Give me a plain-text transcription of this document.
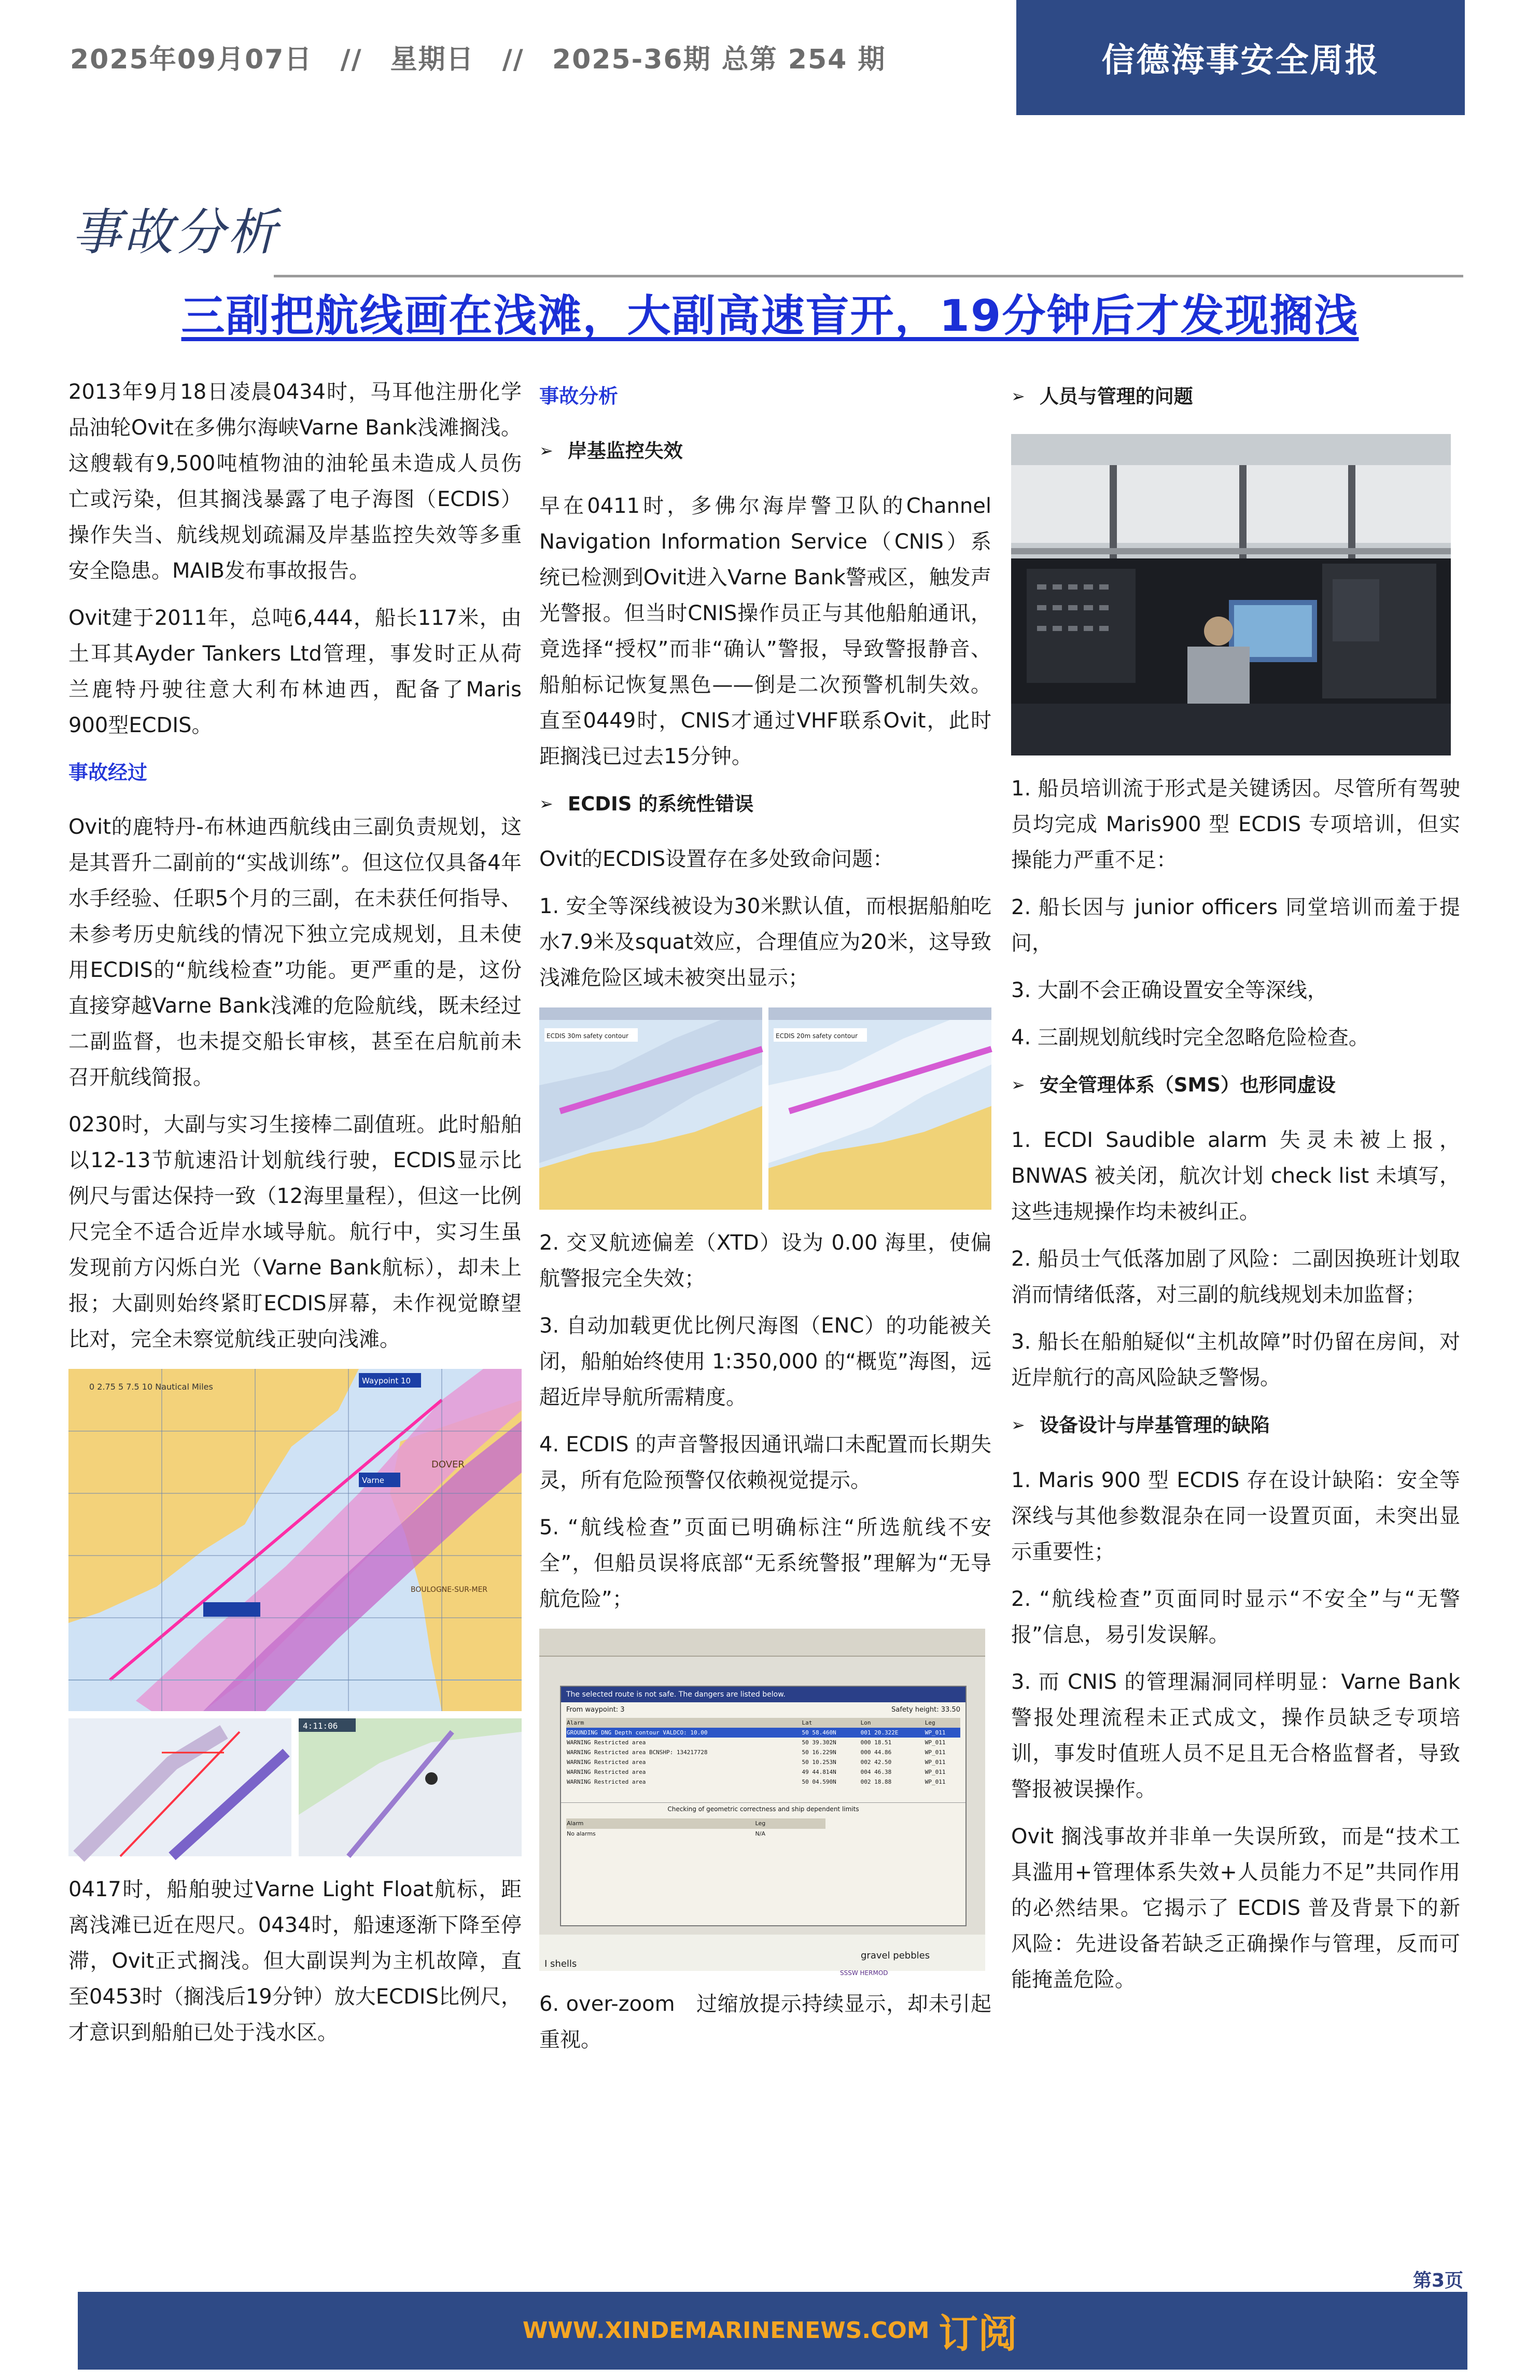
2025年09月07日 // 星期日 // 2025-36期 总第 254 期	信德海事安全周报
事故分析
三副把航线画在浅滩，大副高速盲开，19分钟后才发现搁浅

2013年9月18日凌晨0434时，马耳他注册化学品油轮Ovit在多佛尔海峡Varne Bank浅滩搁浅。这艘载有9,500吨植物油的油轮虽未造成人员伤亡或污染，但其搁浅暴露了电子海图（ECDIS）操作失当、航线规划疏漏及岸基监控失效等多重安全隐患。MAIB发布事故报告。

Ovit建于2011年，总吨6,444，船长117米，由土耳其Ayder Tankers Ltd管理，事发时正从荷兰鹿特丹驶往意大利布林迪西，配备了Maris 900型ECDIS。

事故经过

Ovit的鹿特丹-布林迪西航线由三副负责规划，这是其晋升二副前的“实战训练”。但这位仅具备4年水手经验、任职5个月的三副，在未获任何指导、未参考历史航线的情况下独立完成规划，且未使用ECDIS的“航线检查”功能。更严重的是，这份直接穿越Varne Bank浅滩的危险航线，既未经过二副监督，也未提交船长审核，甚至在启航前未召开航线简报。

0230时，大副与实习生接棒二副值班。此时船舶以12-13节航速沿计划航线行驶，ECDIS显示比例尺与雷达保持一致（12海里量程），但这一比例尺完全不适合近岸水域导航。航行中，实习生虽发现前方闪烁白光（Varne Bank航标），却未上报；大副则始终紧盯ECDIS屏幕，未作视觉瞭望比对，完全未察觉航线正驶向浅滩。

Waypoint 10
Varne
DOVER
BOULOGNE-SUR-MER
0 2.75 5 7.5 10 Nautical Miles
4:11:06

0417时，船舶驶过Varne Light Float航标，距离浅滩已近在咫尺。0434时，船速逐渐下降至停滞，Ovit正式搁浅。但大副误判为主机故障，直至0453时（搁浅后19分钟）放大ECDIS比例尺，才意识到船舶已处于浅水区。

事故分析
➢ 岸基监控失效

早在0411时，多佛尔海岸警卫队的Channel Navigation Information Service（CNIS）系统已检测到Ovit进入Varne Bank警戒区，触发声光警报。但当时CNIS操作员正与其他船舶通讯，竟选择“授权”而非“确认”警报，导致警报静音、船舶标记恢复黑色——倒是二次预警机制失效。直至0449时，CNIS才通过VHF联系Ovit，此时距搁浅已过去15分钟。

➢ ECDIS 的系统性错误

Ovit的ECDIS设置存在多处致命问题：

1. 安全等深线被设为30米默认值，而根据船舶吃水7.9米及squat效应，合理值应为20米，这导致浅滩危险区域未被突出显示；

ECDIS 30m safety contour	ECDIS 20m safety contour

2. 交叉航迹偏差（XTD）设为 0.00 海里，使偏航警报完全失效；

3. 自动加载更优比例尺海图（ENC）的功能被关闭，船舶始终使用 1:350,000 的“概览”海图，远超近岸导航所需精度。

4. ECDIS 的声音警报因通讯端口未配置而长期失灵，所有危险预警仅依赖视觉提示。

5. “航线检查”页面已明确标注“所选航线不安全”，但船员误将底部“无系统警报”理解为“无导航危险”；

The selected route is not safe. The dangers are listed below.
From waypoint: 3	Safety height: 33.50
Alarm	Lat	Lon	Leg
GROUNDING DNG Depth contour VALDCO: 10.00	50 58.460N	001 20.322E	WP_011
WARNING Restricted area	50 39.302N	000 18.51	WP_011
WARNING Restricted area BCNSHP: 134217728	50 16.229N	000 44.86	WP_011
WARNING Restricted area	50 10.253N	002 42.50	WP_011
WARNING Restricted area	49 44.814N	004 46.38	WP_011
WARNING Restricted area	50 04.590N	002 18.88	WP_011
Checking of geometric correctness and ship dependent limits
Alarm	Leg
No alarms	N/A
I shells
SSSW HERMOD
gravel pebbles

6. over-zoom　过缩放提示持续显示，却未引起重视。

➢ 人员与管理的问题

1. 船员培训流于形式是关键诱因。尽管所有驾驶员均完成 Maris900 型 ECDIS 专项培训，但实操能力严重不足：

2. 船长因与 junior officers 同堂培训而羞于提问，

3. 大副不会正确设置安全等深线，

4. 三副规划航线时完全忽略危险检查。

➢ 安全管理体系（SMS）也形同虚设

1. ECDI Saudible alarm 失灵未被上报，BNWAS 被关闭，航次计划 check list 未填写，这些违规操作均未被纠正。

2. 船员士气低落加剧了风险：二副因换班计划取消而情绪低落，对三副的航线规划未加监督；

3. 船长在船舶疑似“主机故障”时仍留在房间，对近岸航行的高风险缺乏警惕。

➢ 设备设计与岸基管理的缺陷

1. Maris 900 型 ECDIS 存在设计缺陷：安全等深线与其他参数混杂在同一设置页面，未突出显示重要性；

2. “航线检查”页面同时显示“不安全”与“无警报”信息，易引发误解。

3. 而 CNIS 的管理漏洞同样明显：Varne Bank 警报处理流程未正式成文，操作员缺乏专项培训，事发时值班人员不足且无合格监督者，导致警报被误操作。

Ovit 搁浅事故并非单一失误所致，而是“技术工具滥用+管理体系失效+人员能力不足”共同作用的必然结果。它揭示了 ECDIS 普及背景下的新风险：先进设备若缺乏正确操作与管理，反而可能掩盖危险。

第3页
WWW.XINDEMARINENEWS.COM 订阅
